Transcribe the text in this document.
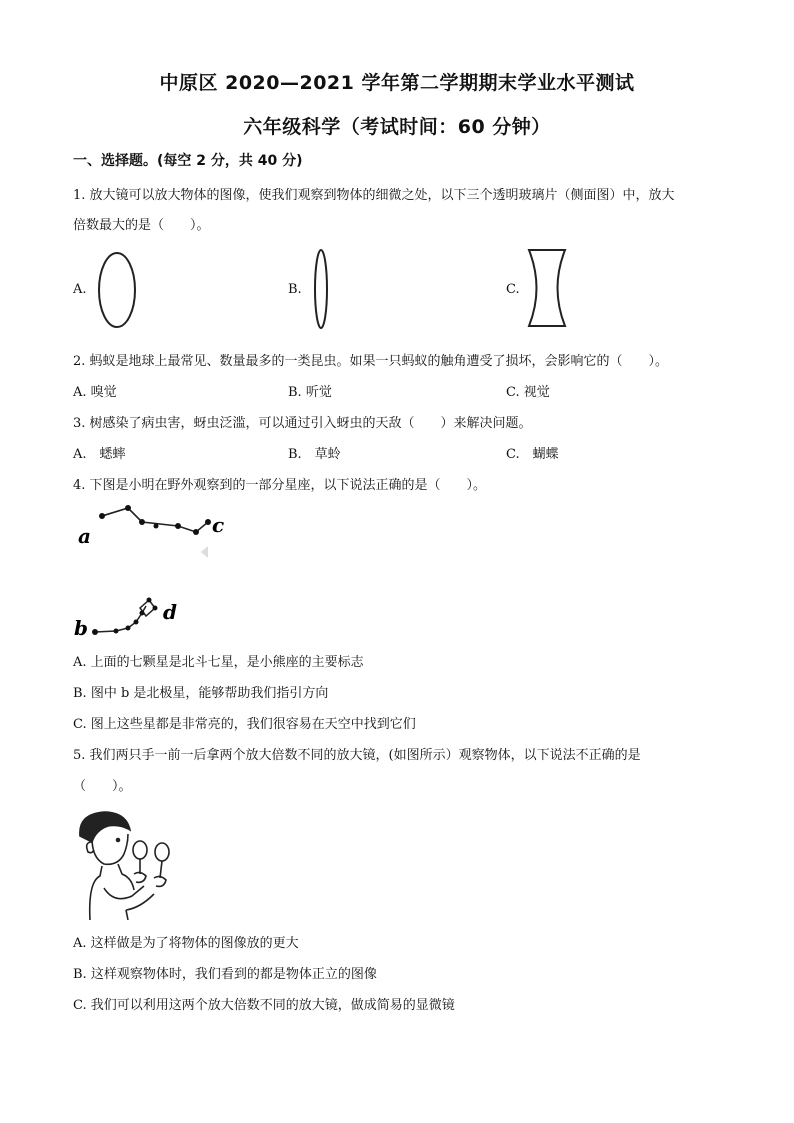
中原区 2020—2021 学年第二学期期末学业水平测试
六年级科学（考试时间：60 分钟）
一、选择题。(每空 2 分，共 40 分)
1. 放大镜可以放大物体的图像，使我们观察到物体的细微之处，以下三个透明玻璃片（侧面图）中，放大
倍数最大的是（　　）。
A.	B.	C.
2. 蚂蚁是地球上最常见、数量最多的一类昆虫。如果一只蚂蚁的触角遭受了损坏，会影响它的（　　）。
A. 嗅觉	B. 听觉	C. 视觉
3. 树感染了病虫害，蚜虫泛滥，可以通过引入蚜虫的天敌（　　）来解决问题。
A.　蟋蟀	B.　草蛉	C.　蝴蝶
4. 下图是小明在野外观察到的一部分星座，以下说法正确的是（　　）。
a	c
b
d
A. 上面的七颗星是北斗七星，是小熊座的主要标志
B. 图中 b 是北极星，能够帮助我们指引方向
C. 图上这些星都是非常亮的，我们很容易在天空中找到它们
5. 我们两只手一前一后拿两个放大倍数不同的放大镜，(如图所示）观察物体，以下说法不正确的是
（　　）。
A. 这样做是为了将物体的图像放的更大
B. 这样观察物体时，我们看到的都是物体正立的图像
C. 我们可以利用这两个放大倍数不同的放大镜，做成简易的显微镜
